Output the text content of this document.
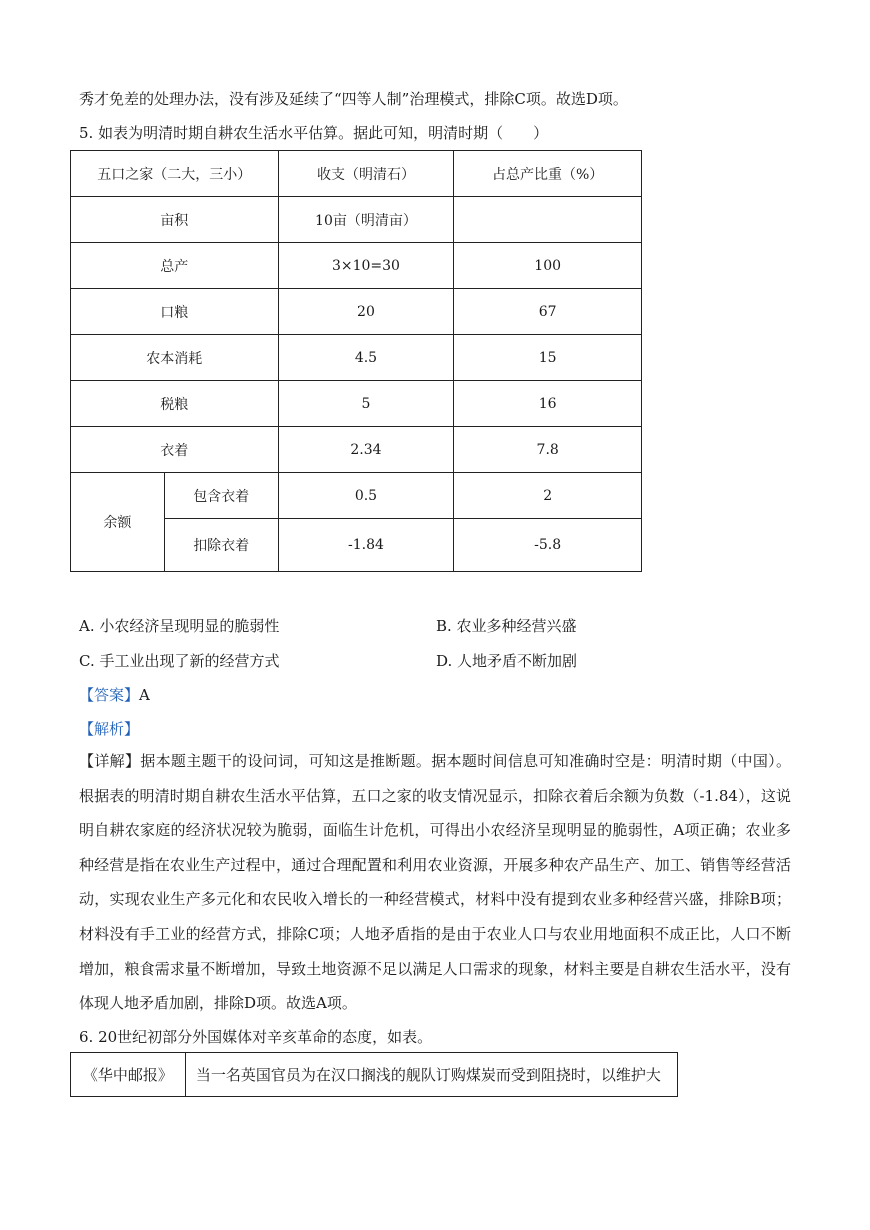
秀才免差的处理办法，没有涉及延续了“四等人制”治理模式，排除C项。故选D项。
5. 如表为明清时期自耕农生活水平估算。据此可知，明清时期（　　）
五口之家（二大，三小）		收支（明清石）	占总产比重（%）
亩积		10亩（明清亩）	
总产		3×10=30	100
口粮		20	67
农本消耗		4.5	15
税粮		5	16
衣着		2.34	7.8
余额	包含衣着	0.5	2
	扣除衣着	-1.84	-5.8
A. 小农经济呈现明显的脆弱性	B. 农业多种经营兴盛
C. 手工业出现了新的经营方式	D. 人地矛盾不断加剧
【答案】A
【解析】
【详解】据本题主题干的设问词，可知这是推断题。据本题时间信息可知准确时空是：明清时期（中国）。根据表的明清时期自耕农生活水平估算，五口之家的收支情况显示，扣除衣着后余额为负数（-1.84），这说明自耕农家庭的经济状况较为脆弱，面临生计危机，可得出小农经济呈现明显的脆弱性，A项正确；农业多种经营是指在农业生产过程中，通过合理配置和利用农业资源，开展多种农产品生产、加工、销售等经营活动，实现农业生产多元化和农民收入增长的一种经营模式，材料中没有提到农业多种经营兴盛，排除B项；材料没有手工业的经营方式，排除C项；人地矛盾指的是由于农业人口与农业用地面积不成正比，人口不断增加，粮食需求量不断增加，导致土地资源不足以满足人口需求的现象，材料主要是自耕农生活水平，没有体现人地矛盾加剧，排除D项。故选A项。
6. 20世纪初部分外国媒体对辛亥革命的态度，如表。
《华中邮报》	当一名英国官员为在汉口搁浅的舰队订购煤炭而受到阻挠时，以维护大
